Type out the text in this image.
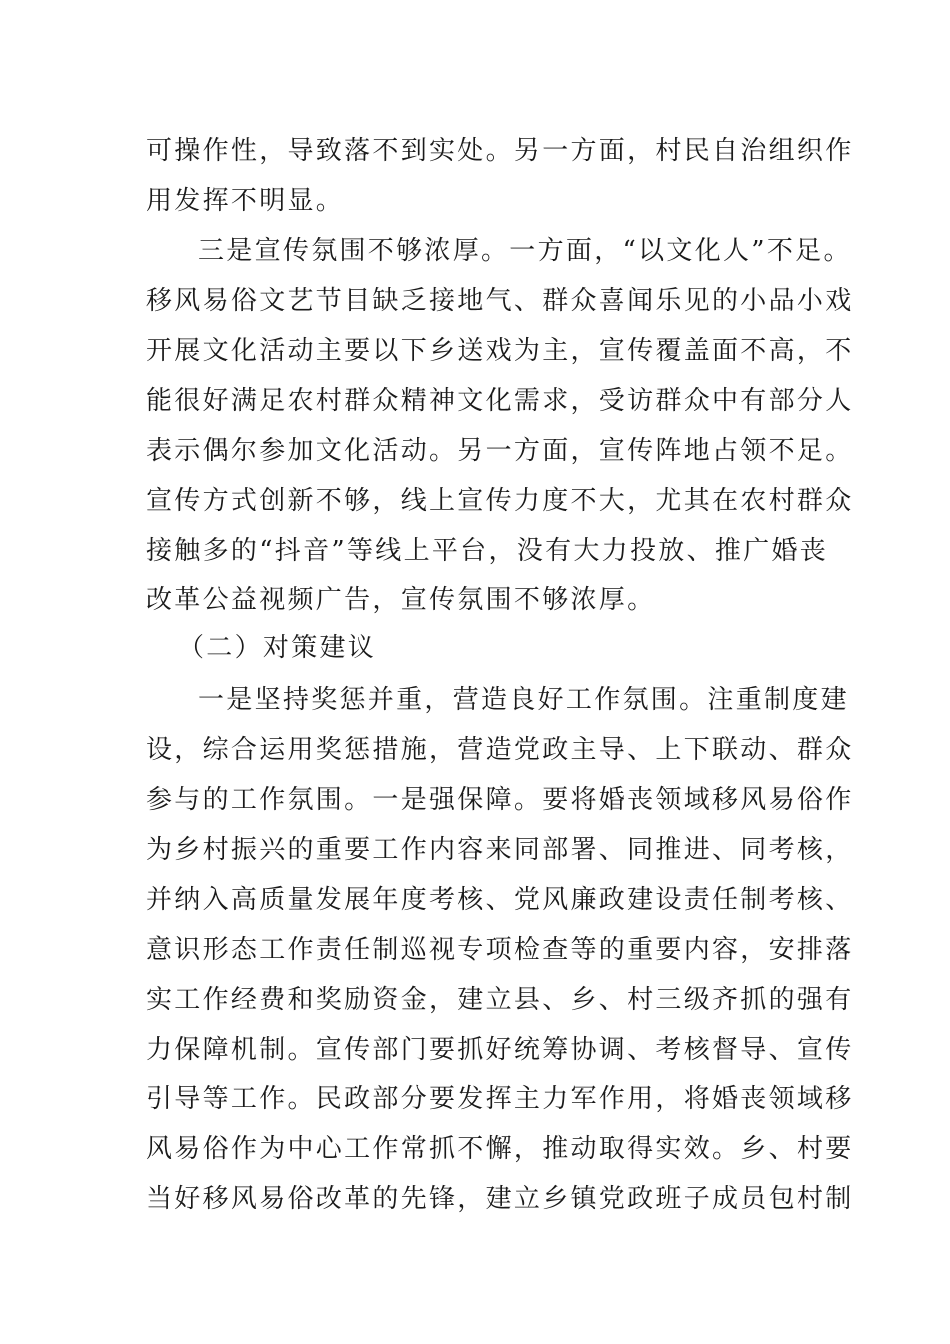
可操作性，导致落不到实处。另一方面，村民自治组织作
用发挥不明显。
三是宣传氛围不够浓厚。一方面，“以文化人”不足。
移风易俗文艺节目缺乏接地气、群众喜闻乐见的小品小戏
开展文化活动主要以下乡送戏为主，宣传覆盖面不高，不
能很好满足农村群众精神文化需求，受访群众中有部分人
表示偶尔参加文化活动。另一方面，宣传阵地占领不足。
宣传方式创新不够，线上宣传力度不大，尤其在农村群众
接触多的“抖音”等线上平台，没有大力投放、推广婚丧
改革公益视频广告，宣传氛围不够浓厚。
（二）对策建议
一是坚持奖惩并重，营造良好工作氛围。注重制度建
设，综合运用奖惩措施，营造党政主导、上下联动、群众
参与的工作氛围。一是强保障。要将婚丧领域移风易俗作
为乡村振兴的重要工作内容来同部署、同推进、同考核，
并纳入高质量发展年度考核、党风廉政建设责任制考核、
意识形态工作责任制巡视专项检查等的重要内容，安排落
实工作经费和奖励资金，建立县、乡、村三级齐抓的强有
力保障机制。宣传部门要抓好统筹协调、考核督导、宣传
引导等工作。民政部分要发挥主力军作用，将婚丧领域移
风易俗作为中心工作常抓不懈，推动取得实效。乡、村要
当好移风易俗改革的先锋，建立乡镇党政班子成员包村制
